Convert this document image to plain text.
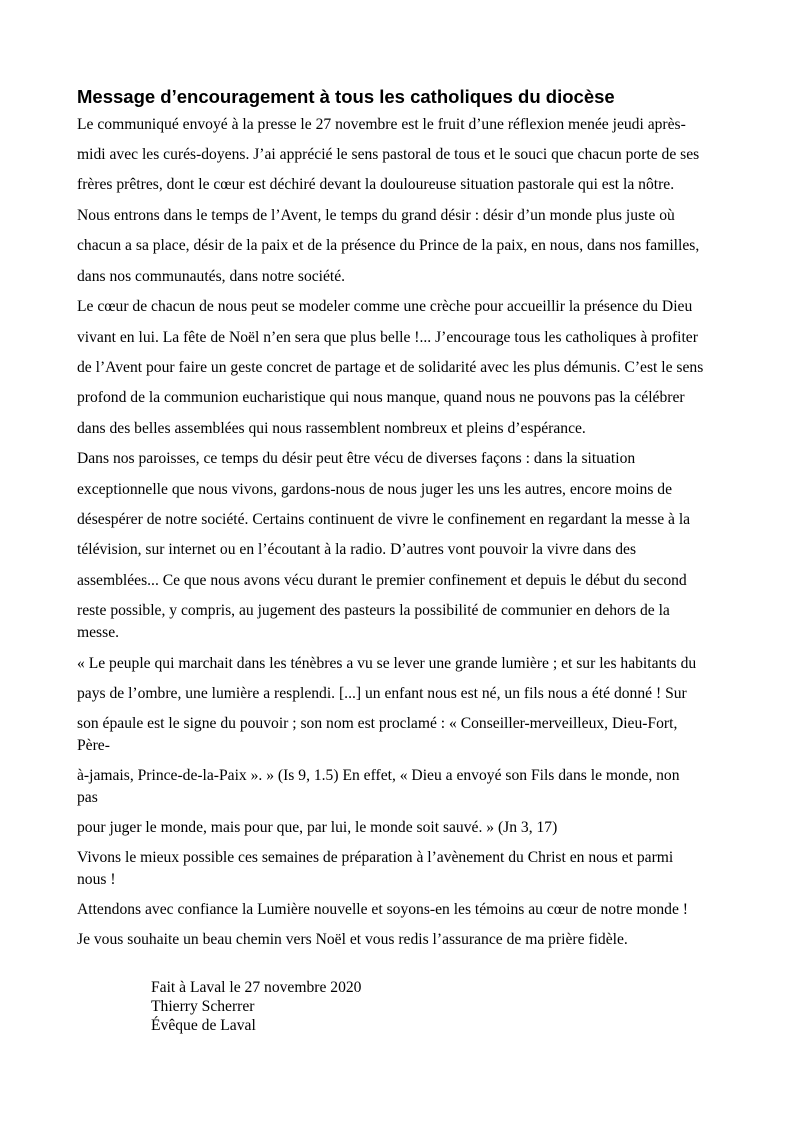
Message d’encouragement à tous les catholiques du diocèse

Le communiqué envoyé à la presse le 27 novembre est le fruit d’une réflexion menée jeudi après-

midi avec les curés-doyens. J’ai apprécié le sens pastoral de tous et le souci que chacun porte de ses

frères prêtres, dont le cœur est déchiré devant la douloureuse situation pastorale qui est la nôtre.

Nous entrons dans le temps de l’Avent, le temps du grand désir : désir d’un monde plus juste où

chacun a sa place, désir de la paix et de la présence du Prince de la paix, en nous, dans nos familles,

dans nos communautés, dans notre société.

Le cœur de chacun de nous peut se modeler comme une crèche pour accueillir la présence du Dieu

vivant en lui. La fête de Noël n’en sera que plus belle !... J’encourage tous les catholiques à profiter

de l’Avent pour faire un geste concret de partage et de solidarité avec les plus démunis. C’est le sens

profond de la communion eucharistique qui nous manque, quand nous ne pouvons pas la célébrer

dans des belles assemblées qui nous rassemblent nombreux et pleins d’espérance.

Dans nos paroisses, ce temps du désir peut être vécu de diverses façons : dans la situation

exceptionnelle que nous vivons, gardons-nous de nous juger les uns les autres, encore moins de

désespérer de notre société. Certains continuent de vivre le confinement en regardant la messe à la

télévision, sur internet ou en l’écoutant à la radio. D’autres vont pouvoir la vivre dans des

assemblées... Ce que nous avons vécu durant le premier confinement et depuis le début du second

reste possible, y compris, au jugement des pasteurs la possibilité de communier en dehors de la

messe.

« Le peuple qui marchait dans les ténèbres a vu se lever une grande lumière ; et sur les habitants du

pays de l’ombre, une lumière a resplendi. [...] un enfant nous est né, un fils nous a été donné ! Sur

son épaule est le signe du pouvoir ; son nom est proclamé : « Conseiller-merveilleux, Dieu-Fort,

Père-

à-jamais, Prince-de-la-Paix ». » (Is 9, 1.5) En effet, « Dieu a envoyé son Fils dans le monde, non

pas

pour juger le monde, mais pour que, par lui, le monde soit sauvé. » (Jn 3, 17)

Vivons le mieux possible ces semaines de préparation à l’avènement du Christ en nous et parmi

nous !

Attendons avec confiance la Lumière nouvelle et soyons-en les témoins au cœur de notre monde !

Je vous souhaite un beau chemin vers Noël et vous redis l’assurance de ma prière fidèle.

Fait à Laval le 27 novembre 2020

Thierry Scherrer

Évêque de Laval
